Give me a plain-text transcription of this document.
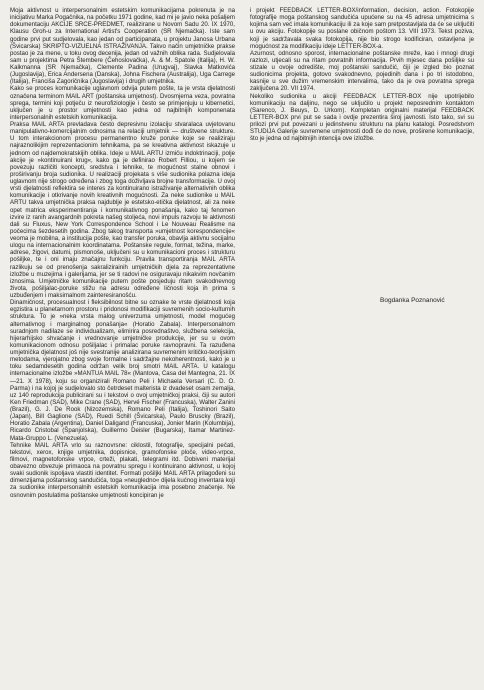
Moja aktivnost u interpersonalnim estetskim komunikacijama pokrenuta je na inicijativu Marka Pogačnika, na početku 1971 godine, kad mi je javio neka pošaljem dokumentaciju AKCIJE SRCE-PREDMET, realizirane u Novom Sadu 20. IX 1970, Klausu Groh-u za International Artist's Cooperation (SR Njemačka). Iste sam godine prvi put sudjelovala, kao jedan od participanata, u projektu Janosa Urbana (Švicarska) SKRIPTO-VIZUELNA ISTRAŽIVANJA. Takvo način umjetničke prakse postao je za mene, u toku ovog decenija, jedan od važnih oblika rada. Sudjelovala sam u projektima Petra Štembere (Čehoslovačka), A. & M. Spatole (Italija), H. W. Kalkmanna (SR Njemačka), Clemente Padina (Urugvaj), Slavka Matkovića (Jugoslavija), Erica Andersena (Danska), Johna Fischera (Australija), Uga Carrege (Italija), Franciša Zagoričnika (Jugoslavija) i drugih umjetnika.

Kako se proces komunikacije uglavnom odvija putem pošte, ta je vrsta djelatnosti označena terminom MAIL ART (poštanska umjetnost). Dvosmjerna veza, povratna sprega, termini koji potječu iz neurofiziologije i često se primjenjuju u kibernetici, uključen je u prostor umjetnosti kao jedna od najbitnijih komponenata interpersonalnih estetskih komunikacija.

Praksa MAIL ARTA prevladava često depresivnu izolaciju stvaralaca uvjetovanu manipulativno-komercijalnim odnosima na relaciji umjetnik — društvene strukture. U tom interakcionom procesu permanentno kruže poruke koje se realiziraju najraznolikijim reprezentacionim tehnikama, pa se kreativna aktivnost iskazuje u jednom od najdemokratskijih oblika. Ideje u MAIL ARTU izmiču indoktrinaciji, polje akcije je »kontinuirani krug«, kako ga je definirao Robert Filliou, u kojem se povezuju različiti koncepti, sredstva i tehnike, te mogućnost stalne obnovi i proširivanju broja sudionika. U realizaciji projekata s više sudionika polazna ideja uglavnom nije strogo određena i zbog toga doživljava brojne transformacije. U ovoj vrsti djelatnosti reflektira se interes za kontinuirano istraživanje alternativnih oblika komunikacije i otkrivanje novih kreativnih mogućnosti. Za neke sudionike u MAIL ARTU takva umjetnička praksa najdublje je estetsko-etička djelatnost, ali za neke opet matrica eksperimentiranja i komunikativnog ponašanja, kako taj fenomen izvire iz ranih avangardnih pokreta našeg stoljeća, novi impuls razvoju te aktivnosti dali su Fluxus, New York Correspondence School i Le Nouveau Realisme na počecima šezdesetih godina. Zbog takog transporta »umjetnost korespondencije« veoma je mobilna, a institucija pošte, kao transfer poruka, obavlja aktivnu socijalnu ulogu na internacionalnim koordinatama. Poštanske regule, format, težina, marke, adrese, žigovi, datumi, pismonoše, uključeni su u komunikacioni proces i strukturu pošiljke, te i oni imaju značajnu funkciju. Pravila transportiranja MAIL ARTA razlikuju se od prenošenja sakralizirainih umjetničkih djela za reprezentativne izložbe u muzejima i galerijama, jer se ti radovi ne osiguravaju nikakvim novčanim iznosima. Umjetničke komunikacije putem pošte posjeduju ritam svakodnevnog života, pošiljalac-poruke stižu na adresu određene ličnosti koja ih prima s uzbuđenjem i maksimalnom zainteresiranošću.

Dinamičnost, procesualnost i fleksibilnost bitne su oznake te vrste djelatnosti koja egzistira u planetarnom prostoru i pridonosi modifikaciji suvremenih socio-kulturnih struktura. To je »neka vrsta malog univerzuma umjetnosti, model mogućeg alternativnog i marginalnog ponašanja« (Horatio Zabala). Interpersonalnom suradnjom nadilaze se individualizam, elimirira posrednaštvo, službena selekcija, hijerarhijsko shvaćanje i vrednovanje umjetničke produkcije, jer su u ovom komunikacionom odnosu pošiljalac i primalac poruke ravnopravni. Ta razuđena umjetnička djelatnost još nije svestranije analizirana suvremenim kritičko-teorijskim metodama, vjerojatno zbog svoje formalne i sadržajne nekoherentnosti, kako je u toku sedamdesetih godina održan velik broj smotri MAIL ARTA. U katalogu internacionalne izložbe »MANTUA MAIL 78« (Mantova, Casa del Mantegna, 21. IX—21. X 1978), koju su organizirali Romano Peli i Michaela Versari (C. D. O. Parma) i na kojoj je sudjelovalo sto četrdeset malterista iz dvadeset osam zemalja, uz 140 reprodukcija publicirani su i tekstovi o ovoj umjetničkoj praksi, čiji su autori Ken Friedman (SAD), Mike Crane (SAD), Hervé Fischer (Francuska), Walter Zanini (Brazil), G. J. De Rook (Nizozemska), Romano Peli (Italija), Toshinori Saito (Japan), Bill Gaglione (SAD), Ruedi Schill (Švicarska), Paulo Bruscky (Brazil), Horatio Zabala (Argentina), Daniel Daligand (Francuska), Jonier Marin (Kolumbija), Ricardo Cristobal (Španjolska), Guillermo Deisler (Bugarska), Itamar Martinez-Mata-Gruppo L. (Venezuela).

Tehnike MAIL ARTA vrlo su raznovrsne: ciklostil, fotografije, specijalni pečati, tekstovi, xerox, knjige umjetnika, dopisnice, gramofonske ploče, video-vrpce, filmovi, magnetofonske vrpce, crteži, plakati, telegrami itd. Dobiveni materijal obavezno obvezuje primaoca na povratnu spregu i kontinuirano aktivnost, u kojoj svaki sudionik ispoljava vlastiti identitet. Formati pošiljki MAIL ARTA prilagođeni su dimenzijama poštanskog sandučića, toga »neugledno« dijela kućnog inventara koji za sudionike interpersonalnih estetskih komunikacija ima posebno značenje. Ne osnovnim postulatima poštanske umjetnosti koncipiran je

i projekt FEEDBACK LETTER-BOX/information, decision, action. Fotokopije fotografije moga poštanskog sandučića upućene su na 45 adresa umjetnicima s kojima sam već imala komunikaciju ili za koje sam pretpostavljala da će se uključiti u ovu akciju. Fotokopije su poslane običnom poštom 13. VIII 1973. Tekst poziva, koji je sadržavala svaka fotokopija, nije bio strogo kodificiran, ostavljena je mogućnost za modifikaciju ideje LETTER-BOX-a.

Azurnost, odnosno sporost, internacionalne poštanske mreže, kao i mnogi drugi razlozi, utjecali su na ritam povratnih informacija. Prvih mjesec dana pošiljke su stizale u ovoje odredište, moj poštanski sandučić, čiji je izgled bio poznat sudionicima projekta, gotovo svakodnevno, pojedinih dana i po tri istodobno, kasnije u sve dužim vremenskim intervalima, tako da je ova povratna sprega zaključena 20. VII 1974.

Nekoliko sudionika u akciji FEEDBACK LETTER-BOX nije upotrijebilo komunikaciju na daljinu, nego se uključilo u projekt neposrednim kontaktom (Sarenco, J. Beuys, D. Urkom). Kompletan originalni materijal FEEDBACK LETTER-BOX prvi put se sada i ovdje prezentira široj javnosti. Isto tako, svi su prilozi prvi put povezani u jedinstvenu strukturu na planu katalogi. Posredstvom STUDIJA Galerije suvremene umjetnosti dođi će do nove, proširene komunikacije, što je jedna od najbitnijih intencija ove izložbe.

Bogdanka Poznanović
